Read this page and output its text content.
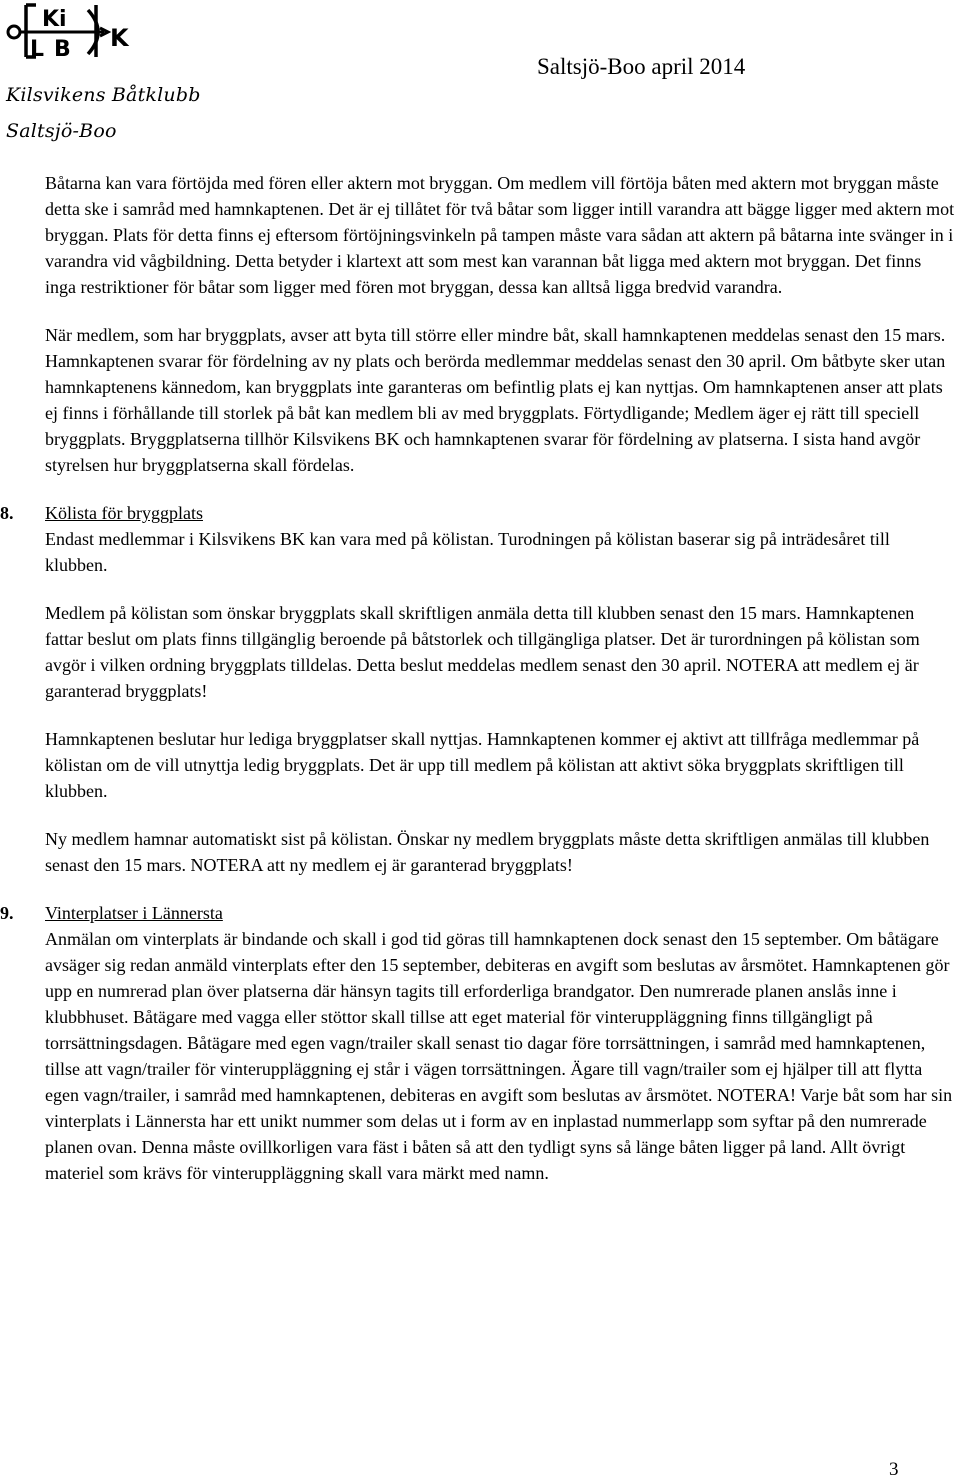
Ki
L B K
Kilsvikens Båtklubb
Saltsjö-Boo
Saltsjö-Boo april 2014

Båtarna kan vara förtöjda med fören eller aktern mot bryggan. Om medlem vill förtöja båten med aktern mot bryggan måste detta ske i samråd med hamnkaptenen. Det är ej tillåtet för två båtar som ligger intill varandra att bägge ligger med aktern mot bryggan. Plats för detta finns ej eftersom förtöjningsvinkeln på tampen måste vara sådan att aktern på båtarna inte svänger in i varandra vid vågbildning. Detta betyder i klartext att som mest kan varannan båt ligga med aktern mot bryggan. Det finns inga restriktioner för båtar som ligger med fören mot bryggan, dessa kan alltså ligga bredvid varandra.

När medlem, som har bryggplats, avser att byta till större eller mindre båt, skall hamnkaptenen meddelas senast den 15 mars. Hamnkaptenen svarar för fördelning av ny plats och berörda medlemmar meddelas senast den 30 april. Om båtbyte sker utan hamnkaptenens kännedom, kan bryggplats inte garanteras om befintlig plats ej kan nyttjas. Om hamnkaptenen anser att plats ej finns i förhållande till storlek på båt kan medlem bli av med bryggplats. Förtydligande; Medlem äger ej rätt till speciell bryggplats. Bryggplatserna tillhör Kilsvikens BK och hamnkaptenen svarar för fördelning av platserna. I sista hand avgör styrelsen hur bryggplatserna skall fördelas.

8.	Kölista för bryggplats

Endast medlemmar i Kilsvikens BK kan vara med på kölistan. Turodningen på kölistan baserar sig på inträdesåret till klubben.

Medlem på kölistan som önskar bryggplats skall skriftligen anmäla detta till klubben senast den 15 mars. Hamnkaptenen fattar beslut om plats finns tillgänglig beroende på båtstorlek och tillgängliga platser. Det är turordningen på kölistan som avgör i vilken ordning bryggplats tilldelas. Detta beslut meddelas medlem senast den 30 april. NOTERA att medlem ej är garanterad bryggplats!

Hamnkaptenen beslutar hur lediga bryggplatser skall nyttjas. Hamnkaptenen kommer ej aktivt att tillfråga medlemmar på kölistan om de vill utnyttja ledig bryggplats. Det är upp till medlem på kölistan att aktivt söka bryggplats skriftligen till klubben.

Ny medlem hamnar automatiskt sist på kölistan. Önskar ny medlem bryggplats måste detta skriftligen anmälas till klubben senast den 15 mars. NOTERA att ny medlem ej är garanterad bryggplats!

9.	Vinterplatser i Lännersta

Anmälan om vinterplats är bindande och skall i god tid göras till hamnkaptenen dock senast den 15 september. Om båtägare avsäger sig redan anmäld vinterplats efter den 15 september, debiteras en avgift som beslutas av årsmötet. Hamnkaptenen gör upp en numrerad plan över platserna där hänsyn tagits till erforderliga brandgator. Den numrerade planen anslås inne i klubbhuset. Båtägare med vagga eller stöttor skall tillse att eget material för vinteruppläggning finns tillgängligt på torrsättningsdagen. Båtägare med egen vagn/trailer skall senast tio dagar före torrsättningen, i samråd med hamnkaptenen, tillse att vagn/trailer för vinteruppläggning ej står i vägen torrsättningen. Ägare till vagn/trailer som ej hjälper till att flytta egen vagn/trailer, i samråd med hamnkaptenen, debiteras en avgift som beslutas av årsmötet. NOTERA! Varje båt som har sin vinterplats i Lännersta har ett unikt nummer som delas ut i form av en inplastad nummerlapp som syftar på den numrerade planen ovan. Denna måste ovillkorligen vara fäst i båten så att den tydligt syns så länge båten ligger på land. Allt övrigt materiel som krävs för vinteruppläggning skall vara märkt med namn.

3
